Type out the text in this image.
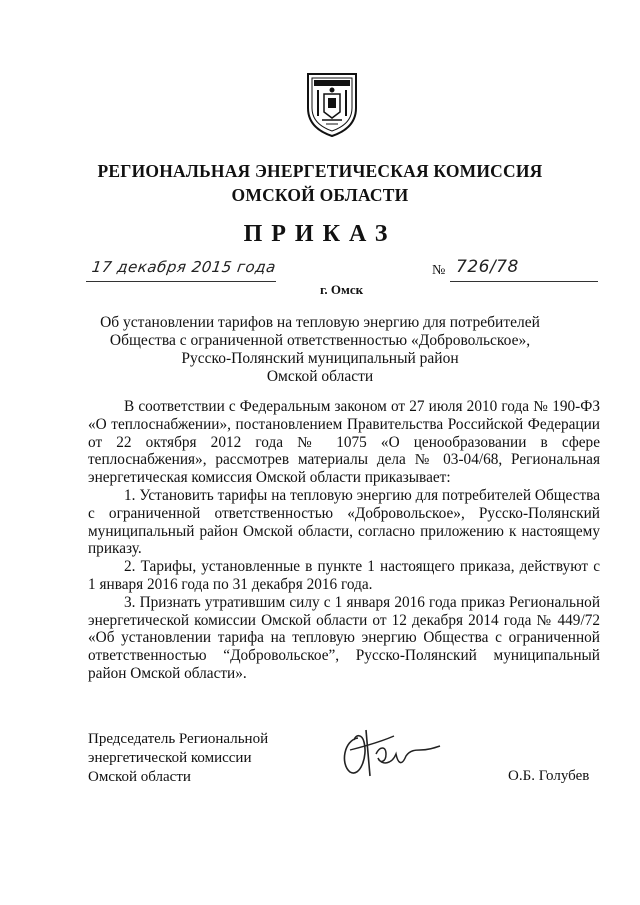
РЕГИОНАЛЬНАЯ ЭНЕРГЕТИЧЕСКАЯ КОМИССИЯ
ОМСКОЙ ОБЛАСТИ
ПРИКАЗ
17 декабря 2015 года
г. Омск
№ 726/78
Об установлении тарифов на тепловую энергию для потребителей
Общества с ограниченной ответственностью «Добровольское»,
Русско-Полянский муниципальный район
Омской области

В соответствии с Федеральным законом от 27 июля 2010 года № 190-ФЗ «О теплоснабжении», постановлением Правительства Российской Федерации от 22 октября 2012 года № 1075 «О ценообразовании в сфере теплоснабжения», рассмотрев материалы дела № 03-04/68, Региональная энергетическая комиссия Омской области приказывает:

1. Установить тарифы на тепловую энергию для потребителей Общества с ограниченной ответственностью «Добровольское», Русско-Полянский муниципальный район Омской области, согласно приложению к настоящему приказу.

2. Тарифы, установленные в пункте 1 настоящего приказа, действуют с 1 января 2016 года по 31 декабря 2016 года.

3. Признать утратившим силу с 1 января 2016 года приказ Региональной энергетической комиссии Омской области от 12 декабря 2014 года № 449/72 «Об установлении тарифа на тепловую энергию Общества с ограниченной ответственностью “Добровольское”, Русско-Полянский муниципальный район Омской области».

Председатель Региональной
энергетической комиссии
Омской области	О.Б. Голубев
